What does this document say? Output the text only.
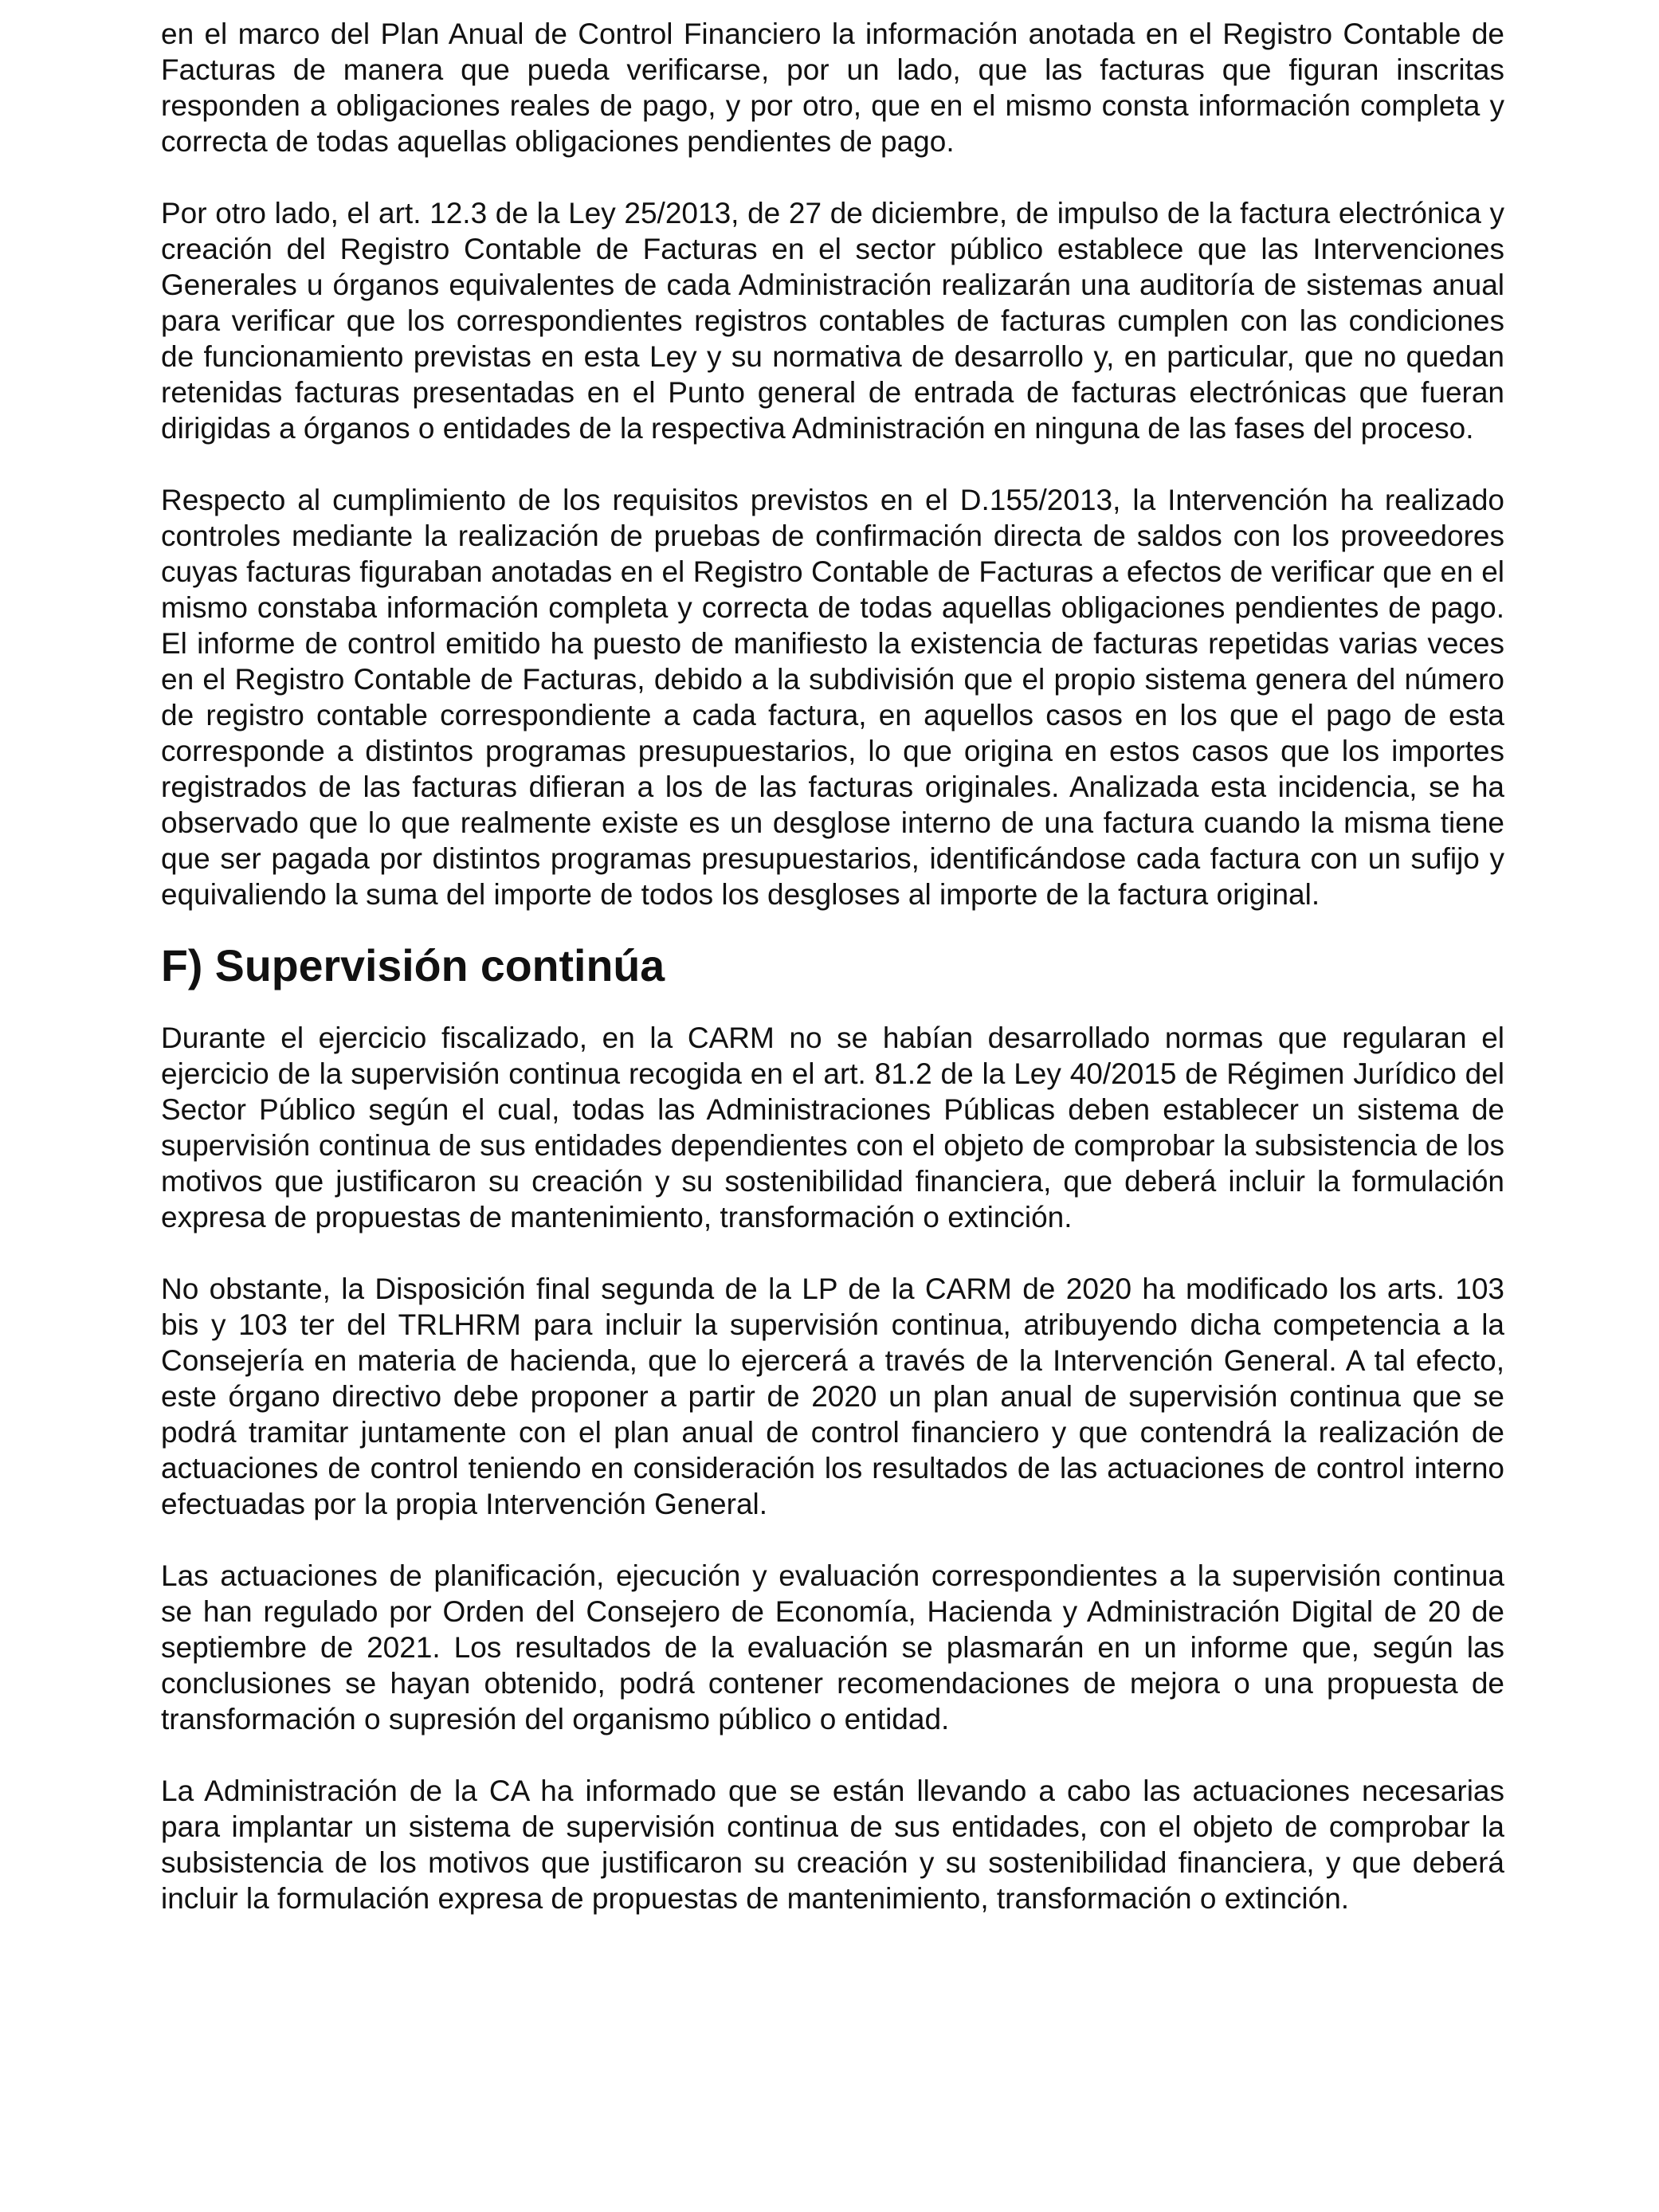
en el marco del Plan Anual de Control Financiero la información anotada en el Registro Contable de Facturas de manera que pueda verificarse, por un lado, que las facturas que figuran inscritas responden a obligaciones reales de pago, y por otro, que en el mismo consta información completa y correcta de todas aquellas obligaciones pendientes de pago.

Por otro lado, el art. 12.3 de la Ley 25/2013, de 27 de diciembre, de impulso de la factura electrónica y creación del Registro Contable de Facturas en el sector público establece que las Intervenciones Generales u órganos equivalentes de cada Administración realizarán una auditoría de sistemas anual para verificar que los correspondientes registros contables de facturas cumplen con las condiciones de funcionamiento previstas en esta Ley y su normativa de desarrollo y, en particular, que no quedan retenidas facturas presentadas en el Punto general de entrada de facturas electrónicas que fueran dirigidas a órganos o entidades de la respectiva Administración en ninguna de las fases del proceso.

Respecto al cumplimiento de los requisitos previstos en el D.155/2013, la Intervención ha realizado controles mediante la realización de pruebas de confirmación directa de saldos con los proveedores cuyas facturas figuraban anotadas en el Registro Contable de Facturas a efectos de verificar que en el mismo constaba información completa y correcta de todas aquellas obligaciones pendientes de pago. El informe de control emitido ha puesto de manifiesto la existencia de facturas repetidas varias veces en el Registro Contable de Facturas, debido a la subdivisión que el propio sistema genera del número de registro contable correspondiente a cada factura, en aquellos casos en los que el pago de esta corresponde a distintos programas presupuestarios, lo que origina en estos casos que los importes registrados de las facturas difieran a los de las facturas originales. Analizada esta incidencia, se ha observado que lo que realmente existe es un desglose interno de una factura cuando la misma tiene que ser pagada por distintos programas presupuestarios, identificándose cada factura con un sufijo y equivaliendo la suma del importe de todos los desgloses al importe de la factura original.

F) Supervisión continúa

Durante el ejercicio fiscalizado, en la CARM no se habían desarrollado normas que regularan el ejercicio de la supervisión continua recogida en el art. 81.2 de la Ley 40/2015 de Régimen Jurídico del Sector Público según el cual, todas las Administraciones Públicas deben establecer un sistema de supervisión continua de sus entidades dependientes con el objeto de comprobar la subsistencia de los motivos que justificaron su creación y su sostenibilidad financiera, que deberá incluir la formulación expresa de propuestas de mantenimiento, transformación o extinción.

No obstante, la Disposición final segunda de la LP de la CARM de 2020 ha modificado los arts. 103 bis y 103 ter del TRLHRM para incluir la supervisión continua, atribuyendo dicha competencia a la Consejería en materia de hacienda, que lo ejercerá a través de la Intervención General. A tal efecto, este órgano directivo debe proponer a partir de 2020 un plan anual de supervisión continua que se podrá tramitar juntamente con el plan anual de control financiero y que contendrá la realización de actuaciones de control teniendo en consideración los resultados de las actuaciones de control interno efectuadas por la propia Intervención General.

Las actuaciones de planificación, ejecución y evaluación correspondientes a la supervisión continua se han regulado por Orden del Consejero de Economía, Hacienda y Administración Digital de 20 de septiembre de 2021. Los resultados de la evaluación se plasmarán en un informe que, según las conclusiones se hayan obtenido, podrá contener recomendaciones de mejora o una propuesta de transformación o supresión del organismo público o entidad.

La Administración de la CA ha informado que se están llevando a cabo las actuaciones necesarias para implantar un sistema de supervisión continua de sus entidades, con el objeto de comprobar la subsistencia de los motivos que justificaron su creación y su sostenibilidad financiera, y que deberá incluir la formulación expresa de propuestas de mantenimiento, transformación o extinción.
